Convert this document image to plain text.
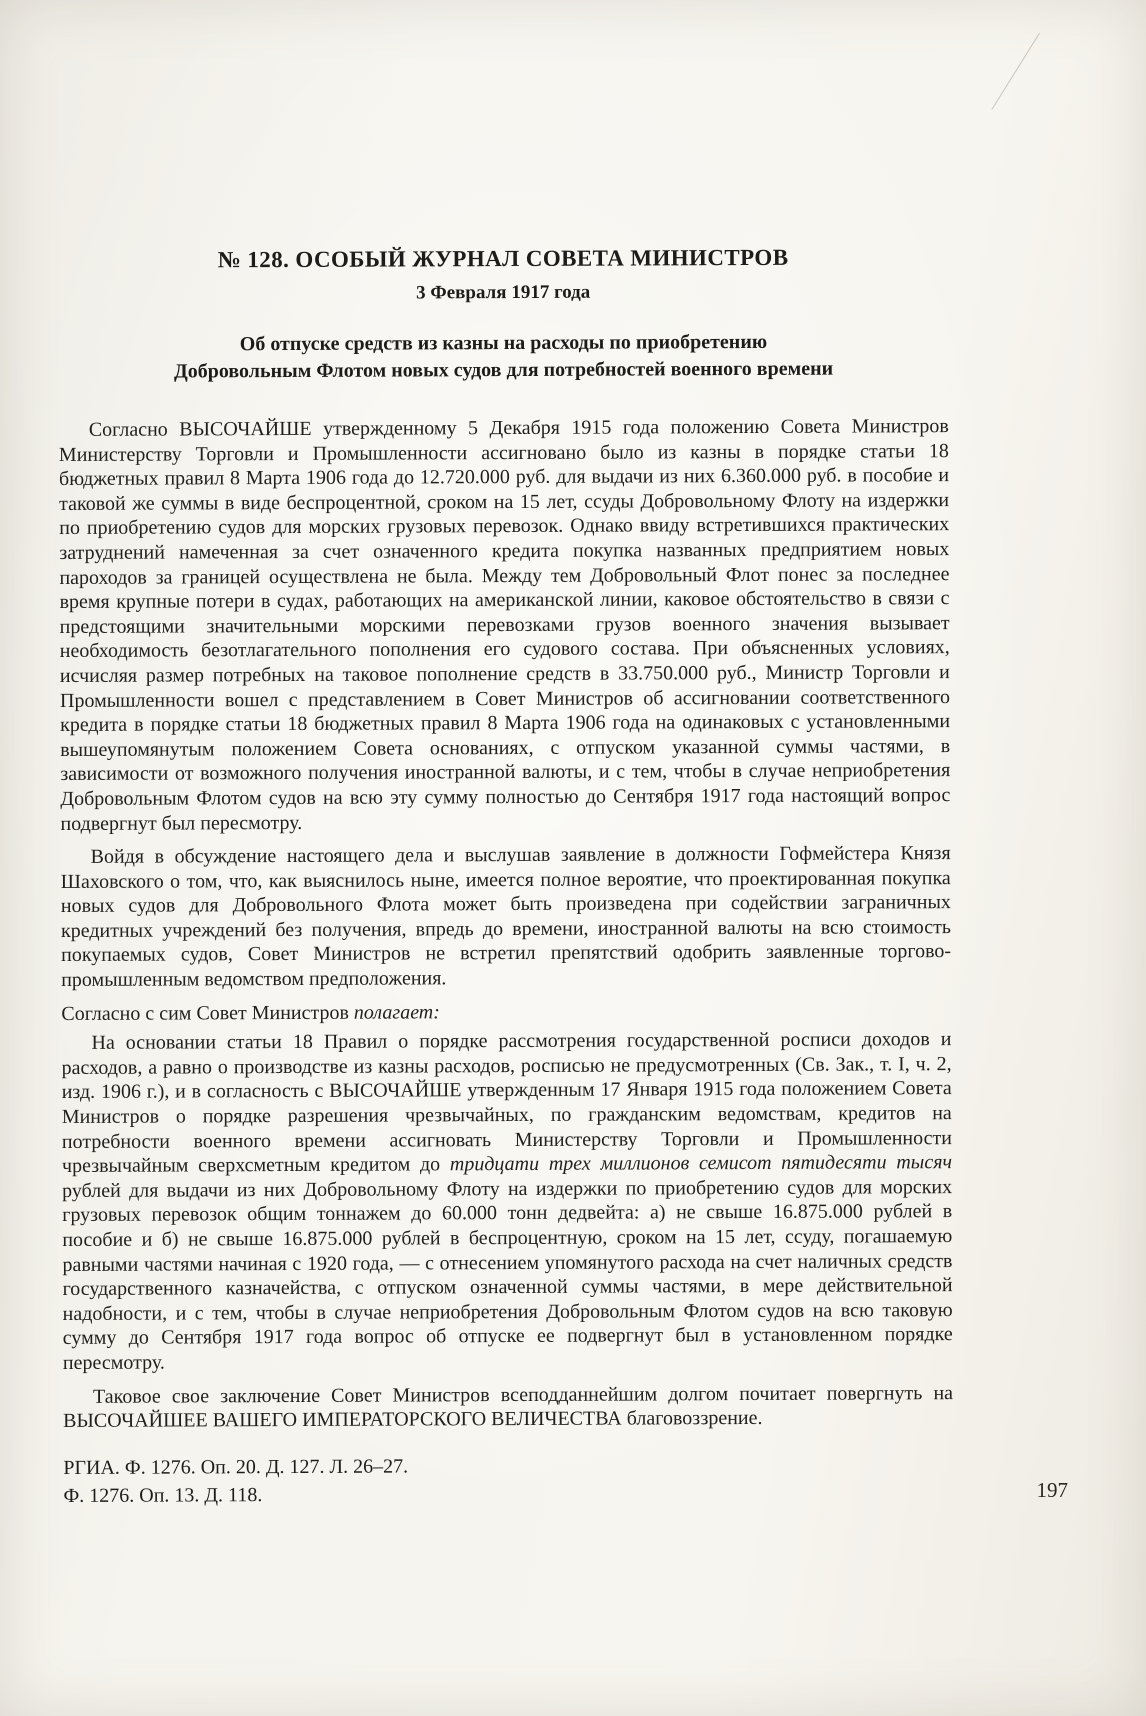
№ 128. ОСОБЫЙ ЖУРНАЛ СОВЕТА МИНИСТРОВ
3 Февраля 1917 года
Об отпуске средств из казны на расходы по приобретению
Добровольным Флотом новых судов для потребностей военного времени

Согласно ВЫСОЧАЙШЕ утвержденному 5 Декабря 1915 года положению Совета Министров Министерству Торговли и Промышленности ассигновано было из казны в порядке статьи 18 бюджетных правил 8 Марта 1906 года до 12.720.000 руб. для выдачи из них 6.360.000 руб. в пособие и таковой же суммы в виде беспроцентной, сроком на 15 лет, ссуды Добровольному Флоту на издержки по приобретению судов для морских грузовых перевозок. Однако ввиду встретившихся практических затруднений намеченная за счет означенного кредита покупка названных предприятием новых пароходов за границей осуществлена не была. Между тем Добровольный Флот понес за последнее время крупные потери в судах, работающих на американской линии, каковое обстоятельство в связи с предстоящими значительными морскими перевозками грузов военного значения вызывает необходимость безотлагательного пополнения его судового состава. При объясненных условиях, исчисляя размер потребных на таковое пополнение средств в 33.750.000 руб., Министр Торговли и Промышленности вошел с представлением в Совет Министров об ассигновании соответственного кредита в порядке статьи 18 бюджетных правил 8 Марта 1906 года на одинаковых с установленными вышеупомянутым положением Совета основаниях, с отпуском указанной суммы частями, в зависимости от возможного получения иностранной валюты, и с тем, чтобы в случае неприобретения Добровольным Флотом судов на всю эту сумму полностью до Сентября 1917 года настоящий вопрос подвергнут был пересмотру.

Войдя в обсуждение настоящего дела и выслушав заявление в должности Гофмейстера Князя Шаховского о том, что, как выяснилось ныне, имеется полное вероятие, что проектированная покупка новых судов для Добровольного Флота может быть произведена при содействии заграничных кредитных учреждений без получения, впредь до времени, иностранной валюты на всю стоимость покупаемых судов, Совет Министров не встретил препятствий одобрить заявленные торгово-промышленным ведомством предположения.

Согласно с сим Совет Министров полагает:

На основании статьи 18 Правил о порядке рассмотрения государственной росписи доходов и расходов, а равно о производстве из казны расходов, росписью не предусмотренных (Св. Зак., т. I, ч. 2, изд. 1906 г.), и в согласность с ВЫСОЧАЙШЕ утвержденным 17 Января 1915 года положением Совета Министров о порядке разрешения чрезвычайных, по гражданским ведомствам, кредитов на потребности военного времени ассигновать Министерству Торговли и Промышленности чрезвычайным сверхсметным кредитом до тридцати трех миллионов семисот пятидесяти тысяч рублей для выдачи из них Добровольному Флоту на издержки по приобретению судов для морских грузовых перевозок общим тоннажем до 60.000 тонн дедвейта: а) не свыше 16.875.000 рублей в пособие и б) не свыше 16.875.000 рублей в беспроцентную, сроком на 15 лет, ссуду, погашаемую равными частями начиная с 1920 года, — с отнесением упомянутого расхода на счет наличных средств государственного казначейства, с отпуском означенной суммы частями, в мере действительной надобности, и с тем, чтобы в случае неприобретения Добровольным Флотом судов на всю таковую сумму до Сентября 1917 года вопрос об отпуске ее подвергнут был в установленном порядке пересмотру.

Таковое свое заключение Совет Министров всеподданнейшим долгом почитает повергнуть на ВЫСОЧАЙШЕЕ ВАШЕГО ИМПЕРАТОРСКОГО ВЕЛИЧЕСТВА благовоззрение.

РГИА. Ф. 1276. Оп. 20. Д. 127. Л. 26–27.
Ф. 1276. Оп. 13. Д. 118.	197
